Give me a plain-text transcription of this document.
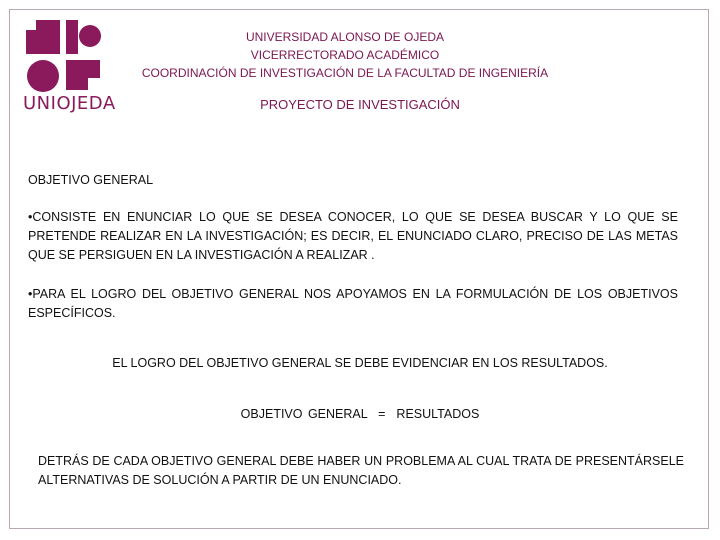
UNIOJEDA
UNIVERSIDAD ALONSO DE OJEDA
VICERRECTORADO ACADÉMICO
COORDINACIÓN DE INVESTIGACIÓN DE LA FACULTAD DE INGENIERÍA
PROYECTO DE INVESTIGACIÓN
OBJETIVO GENERAL
•CONSISTE EN ENUNCIAR LO QUE SE DESEA CONOCER, LO QUE SE DESEA BUSCAR Y LO QUE SE PRETENDE REALIZAR EN LA INVESTIGACIÓN; ES DECIR, EL ENUNCIADO CLARO, PRECISO DE LAS METAS QUE SE PERSIGUEN EN LA INVESTIGACIÓN A REALIZAR .
•PARA EL LOGRO DEL OBJETIVO GENERAL NOS APOYAMOS EN LA FORMULACIÓN DE LOS OBJETIVOS ESPECÍFICOS.
EL LOGRO DEL OBJETIVO GENERAL SE DEBE EVIDENCIAR EN LOS RESULTADOS.
OBJETIVO GENERAL  =  RESULTADOS
DETRÁS DE CADA OBJETIVO GENERAL DEBE HABER UN PROBLEMA AL CUAL TRATA DE PRESENTÁRSELE ALTERNATIVAS DE SOLUCIÓN A PARTIR DE UN ENUNCIADO.
